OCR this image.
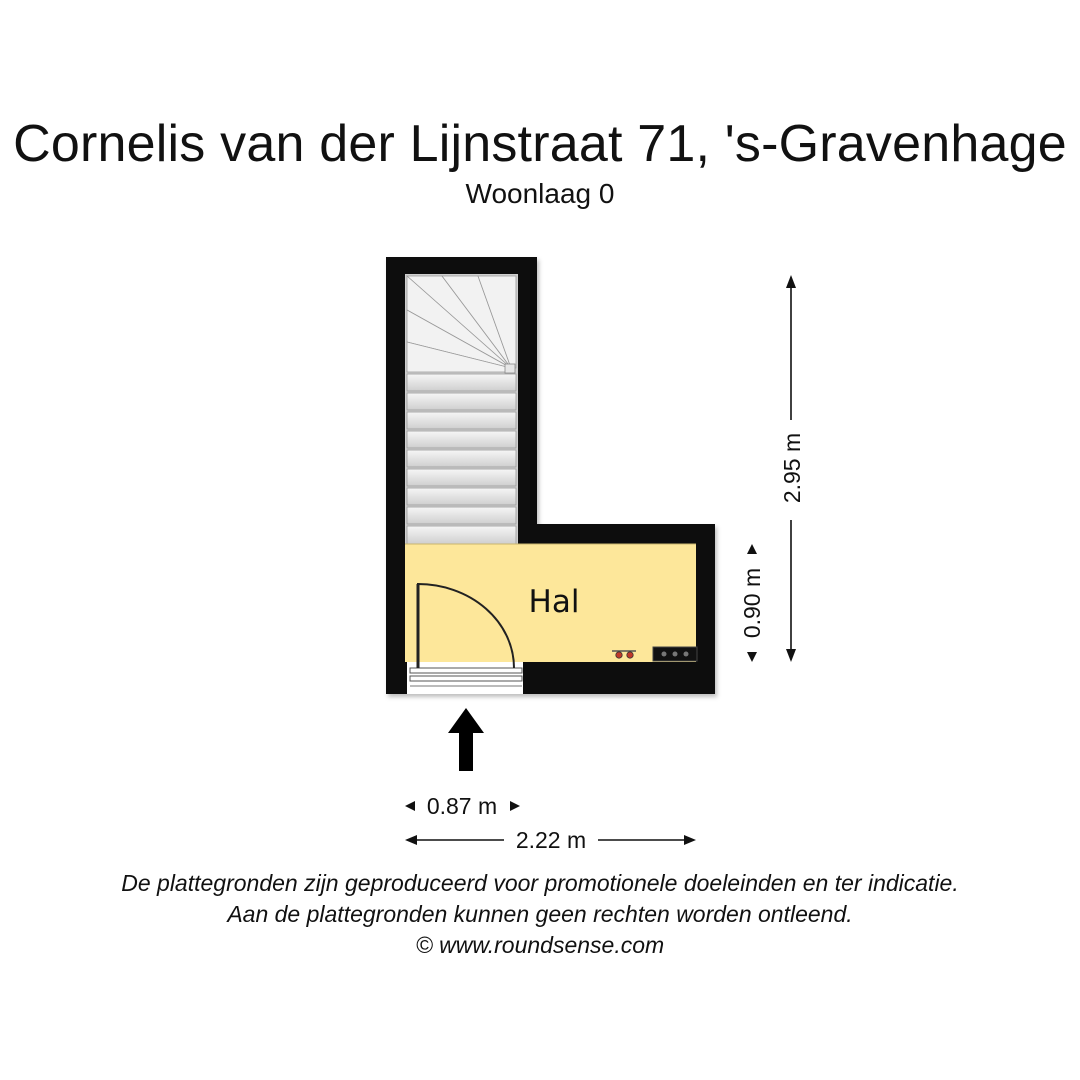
Cornelis van der Lijnstraat 71, 's-Gravenhage
Woonlaag 0
Hal
2.95 m
0.90 m
0.87 m
2.22 m
De plattegronden zijn geproduceerd voor promotionele doeleinden en ter indicatie.
Aan de plattegronden kunnen geen rechten worden ontleend.
© www.roundsense.com
